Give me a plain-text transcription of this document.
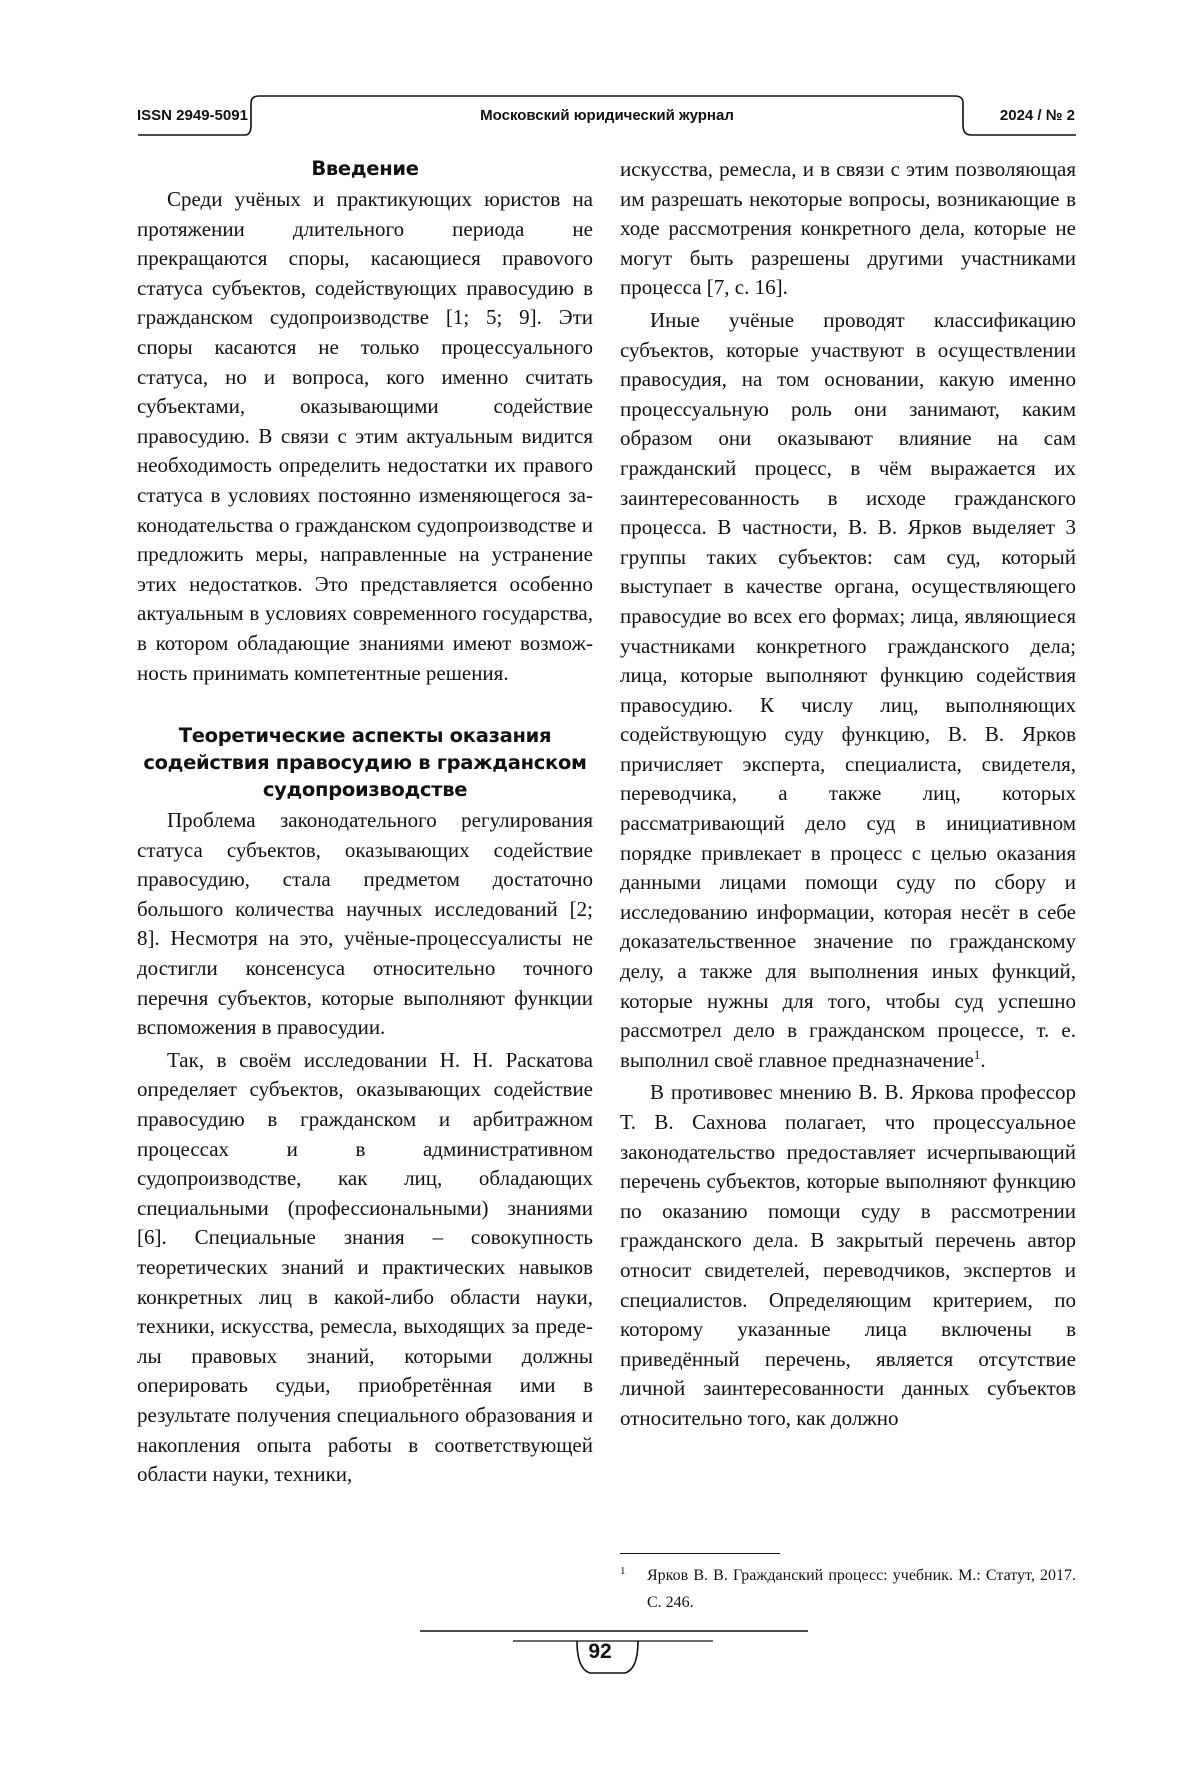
ISSN 2949-5091	Московский юридический журнал	2024 / № 2
Введение

Среди учёных и практикующих юристов на протяжении длительного периода не прекращаются споры, касающиеся правоvого статуса субъектов, содействующих правосудию в гражданском судопроизводстве [1; 5; 9]. Эти споры касаются не только процессуального статуса, но и вопроса, кого именно считать субъектами, оказывающими содействие правосудию. В связи с этим актуальным видится необходимость определить недостатки их правого статуса в условиях постоянно изменяющегося законодательства о гражданском судопроизводстве и предложить меры, направленные на устранение этих недостатков. Это представляется особенно актуальным в условиях современного государства, в котором обладающие знаниями имеют возможность принимать компетентные решения.

Теоретические аспекты оказания содействия правосудию в гражданском судопроизводстве

Проблема законодательного регулирования статуса субъектов, оказывающих содействие правосудию, стала предметом достаточно большого количества научных исследований [2; 8]. Несмотря на это, учёные-процессуалисты не достигли консенсуса относительно точного перечня субъектов, которые выполняют функции вспоможения в правосудии.

Так, в своём исследовании Н. Н. Раскатова определяет субъектов, оказывающих содействие правосудию в гражданском и арбитражном процессах и в административном судопроизводстве, как лиц, обладающих специальными (профессиональными) знаниями [6]. Специальные знания – совокупность теоретических знаний и практических навыков конкретных лиц в какой-либо области науки, техники, искусства, ремесла, выходящих за пределы правовых знаний, которыми должны оперировать судьи, приобретённая ими в результате получения специального образования и накопления опыта работы в соответствующей области науки, техники,

искусства, ремесла, и в связи с этим позволяющая им разрешать некоторые вопросы, возникающие в ходе рассмотрения конкретного дела, которые не могут быть разрешены другими участниками процесса [7, с. 16].

Иные учёные проводят классификацию субъектов, которые участвуют в осуществлении правосудия, на том основании, какую именно процессуальную роль они занимают, каким образом они оказывают влияние на сам гражданский процесс, в чём выражается их заинтересованность в исходе гражданского процесса. В частности, В. В. Ярков выделяет 3 группы таких субъектов: сам суд, который выступает в качестве органа, осуществляющего правосудие во всех его формах; лица, являющиеся участниками конкретного гражданского дела; лица, которые выполняют функцию содействия правосудию. К числу лиц, выполняющих содействующую суду функцию, В. В. Ярков причисляет эксперта, специалиста, свидетеля, переводчика, а также лиц, которых рассматривающий дело суд в инициативном порядке привлекает в процесс с целью оказания данными лицами помощи суду по сбору и исследованию информации, которая несёт в себе доказательственное значение по гражданскому делу, а также для выполнения иных функций, которые нужны для того, чтобы суд успешно рассмотрел дело в гражданском процессе, т. е. выполнил своё главное предназначение$^1$.

В противовес мнению В. В. Яркова профессор Т. В. Сахнова полагает, что процессуальное законодательство предоставляет исчерпывающий перечень субъектов, которые выполняют функцию по оказанию помощи суду в рассмотрении гражданского дела. В закрытый перечень автор относит свидетелей, переводчиков, экспертов и специалистов. Определяющим критерием, по которому указанные лица включены в приведённый перечень, является отсутствие личной заинтересованности данных субъектов относительно того, как должно

1	Ярков В. В. Гражданский процесс: учебник. М.: Статут, 2017. С. 246.
92
